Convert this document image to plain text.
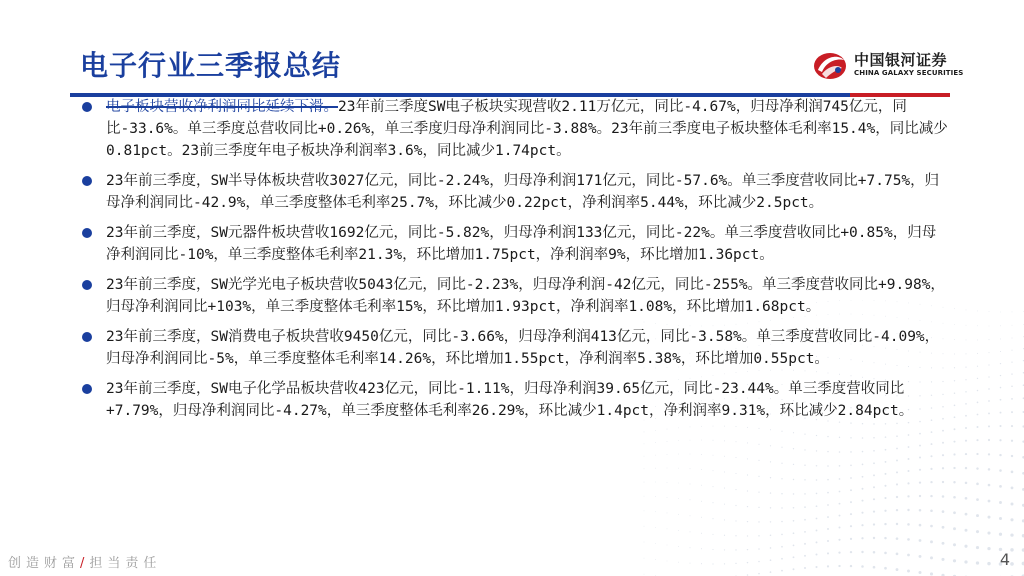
电子行业三季报总结	中国银河证券
CHINA GALAXY SECURITIES
电子板块营收净利润同比延续下滑。23年前三季度SW电子板块实现营收2.11万亿元，同比-4.67%，归母净利润745亿元，同比-33.6%。单三季度总营收同比+0.26%，单三季度归母净利润同比-3.88%。23年前三季度电子板块整体毛利率15.4%，同比减少0.81pct。23前三季度年电子板块净利润率3.6%，同比减少1.74pct。
23年前三季度，SW半导体板块营收3027亿元，同比-2.24%，归母净利润171亿元，同比-57.6%。单三季度营收同比+7.75%，归母净利润同比-42.9%，单三季度整体毛利率25.7%，环比减少0.22pct，净利润率5.44%，环比减少2.5pct。
23年前三季度，SW元器件板块营收1692亿元，同比-5.82%，归母净利润133亿元，同比-22%。单三季度营收同比+0.85%，归母净利润同比-10%，单三季度整体毛利率21.3%，环比增加1.75pct，净利润率9%，环比增加1.36pct。
23年前三季度，SW光学光电子板块营收5043亿元，同比-2.23%，归母净利润-42亿元，同比-255%。单三季度营收同比+9.98%，归母净利润同比+103%，单三季度整体毛利率15%，环比增加1.93pct，净利润率1.08%，环比增加1.68pct。
23年前三季度，SW消费电子板块营收9450亿元，同比-3.66%，归母净利润413亿元，同比-3.58%。单三季度营收同比-4.09%，归母净利润同比-5%，单三季度整体毛利率14.26%，环比增加1.55pct，净利润率5.38%，环比增加0.55pct。
23年前三季度，SW电子化学品板块营收423亿元，同比-1.11%，归母净利润39.65亿元，同比-23.44%。单三季度营收同比+7.79%，归母净利润同比-4.27%，单三季度整体毛利率26.29%，环比减少1.4pct，净利润率9.31%，环比减少2.84pct。
创造财富/担当责任	4
